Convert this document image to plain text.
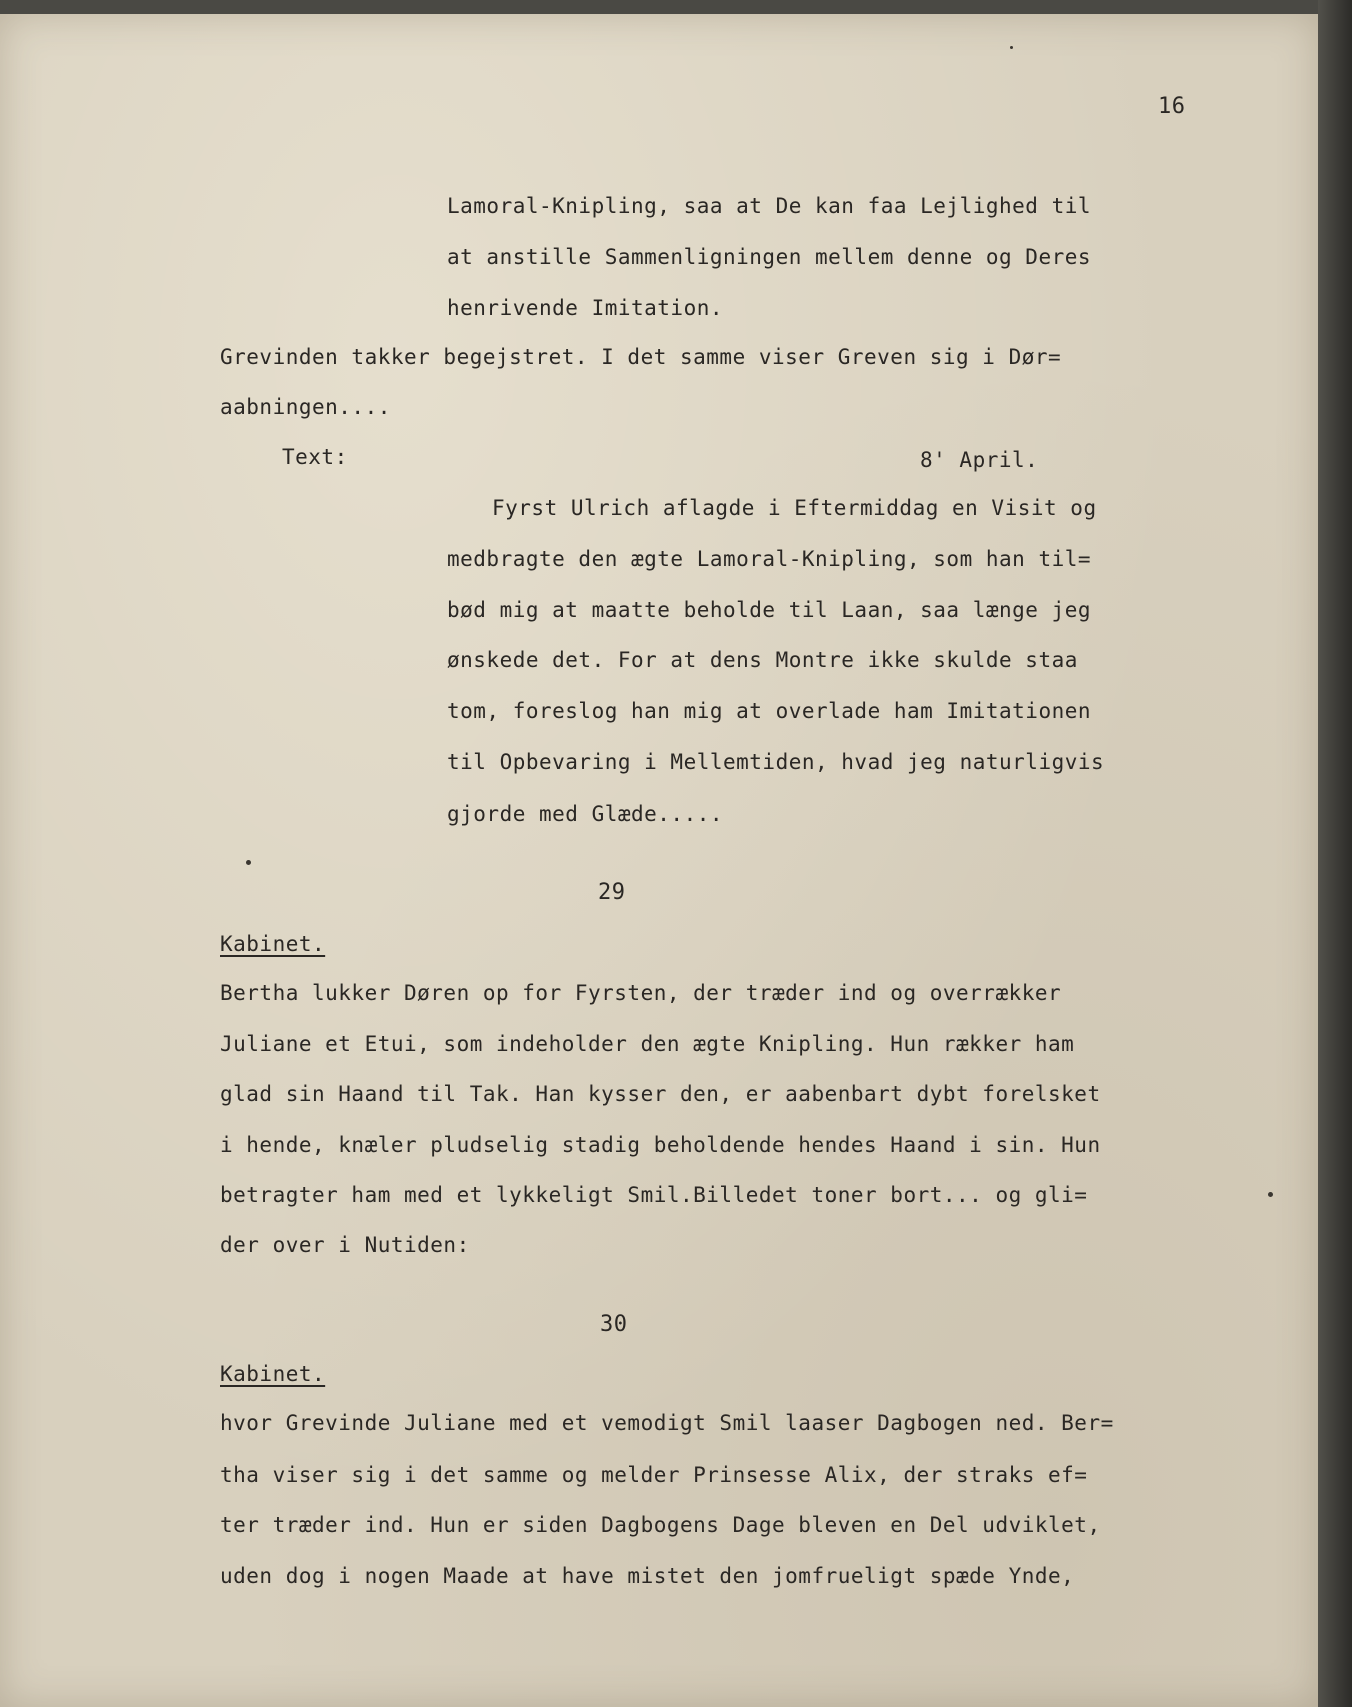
16
Lamoral-Knipling, saa at De kan faa Lejlighed til
at anstille Sammenligningen mellem denne og Deres
henrivende Imitation.
Grevinden takker begejstret. I det samme viser Greven sig i Dør=
aabningen....
Text:	8' April.
Fyrst Ulrich aflagde i Eftermiddag en Visit og
medbragte den ægte Lamoral-Knipling, som han til=
bød mig at maatte beholde til Laan, saa længe jeg
ønskede det. For at dens Montre ikke skulde staa
tom, foreslog han mig at overlade ham Imitationen
til Opbevaring i Mellemtiden, hvad jeg naturligvis
gjorde med Glæde.....
29
Kabinet.
Bertha lukker Døren op for Fyrsten, der træder ind og overrækker
Juliane et Etui, som indeholder den ægte Knipling. Hun rækker ham
glad sin Haand til Tak. Han kysser den, er aabenbart dybt forelsket
i hende, knæler pludselig stadig beholdende hendes Haand i sin. Hun
betragter ham med et lykkeligt Smil.Billedet toner bort... og gli=
der over i Nutiden:
30
Kabinet.
hvor Grevinde Juliane med et vemodigt Smil laaser Dagbogen ned. Ber=
tha viser sig i det samme og melder Prinsesse Alix, der straks ef=
ter træder ind. Hun er siden Dagbogens Dage bleven en Del udviklet,
uden dog i nogen Maade at have mistet den jomfrueligt spæde Ynde,
